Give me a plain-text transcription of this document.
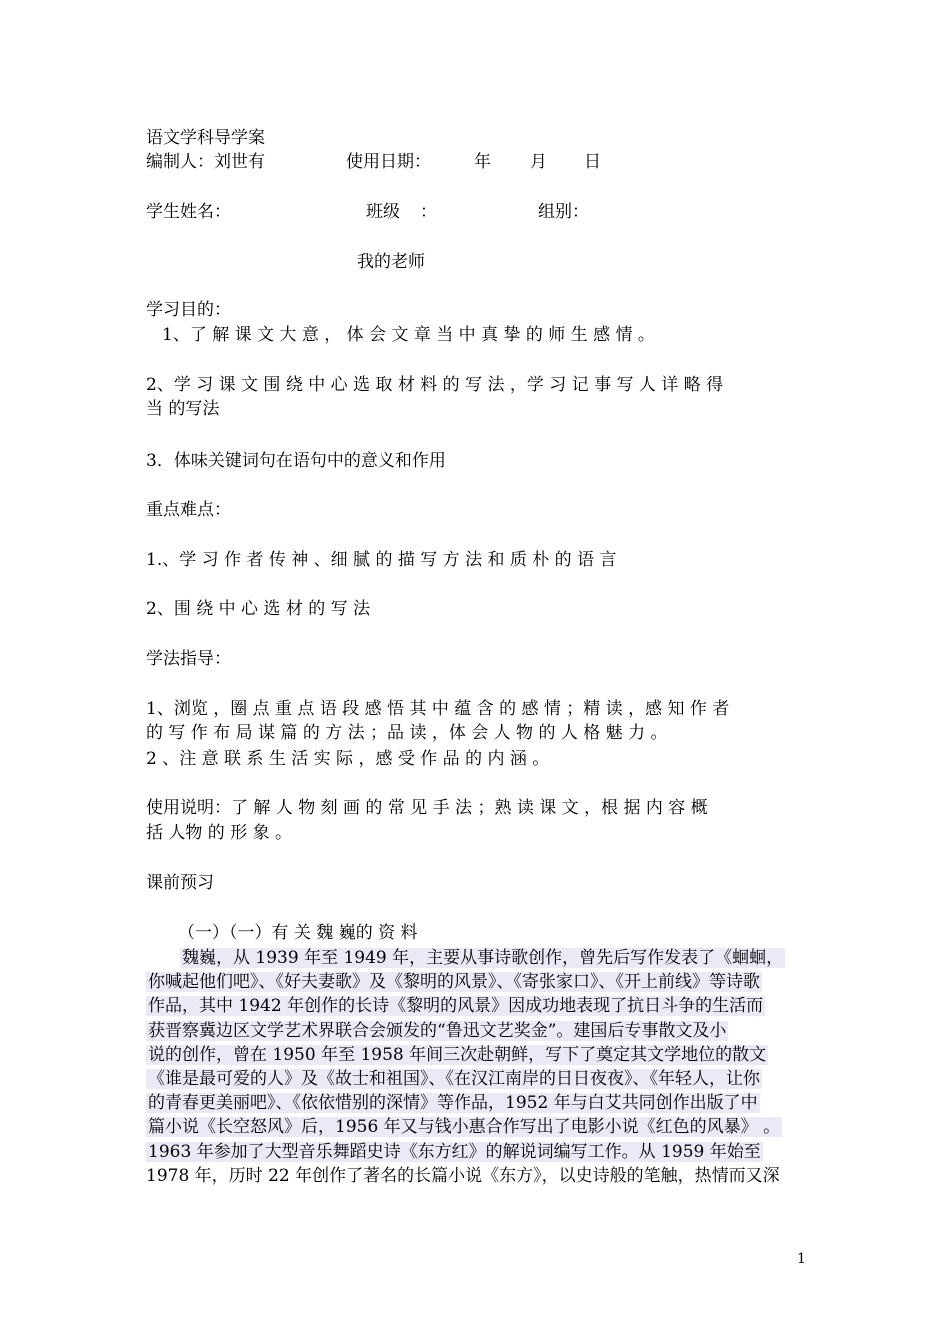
语文学科导学案
编制人：刘世有	使用日期：	年 月 日
学生姓名：	班级 ：	组别：
我的老师
学习目的：
1、了 解 课 文 大 意 ， 体 会 文 章 当 中 真 挚 的 师 生 感 情 。
2、学 习 课 文 围 绕 中 心 选 取 材 料 的 写 法 ，学 习 记 事 写 人 详 略 得
当 的写法
3．体味关键词句在语句中的意义和作用
重点难点：
1.、学 习 作 者 传 神 、细 腻 的 描 写 方 法 和 质 朴 的 语 言
2、围 绕 中 心 选 材 的 写 法
学法指导：
1、浏览 ，圈 点 重 点 语 段 感 悟 其 中 蕴 含 的 感 情 ；精 读 ，感 知 作 者
的 写 作 布 局 谋 篇 的 方 法 ；品 读 ，体 会 人 物 的 人 格 魅 力 。
2 、注 意 联 系 生 活 实 际 ，感 受 作 品 的 内 涵 。
使用说明：了 解 人 物 刻 画 的 常 见 手 法 ；熟 读 课 文 ，根 据 内 容 概
括 人物 的 形 象 。
课前预习
（一）（一）有 关 魏 巍的 资 料

魏巍，从 1939 年至 1949 年，主要从事诗歌创作，曾先后写作发表了《蛔蛔，

你喊起他们吧》、《好夫妻歌》及《黎明的风景》、《寄张家口》、《开上前线》等诗歌

作品，其中 1942 年创作的长诗《黎明的风景》因成功地表现了抗日斗争的生活而

获晋察冀边区文学艺术界联合会颁发的“鲁迅文艺奖金”。建国后专事散文及小

说的创作，曾在 1950 年至 1958 年间三次赴朝鲜，写下了奠定其文学地位的散文

《谁是最可爱的人》及《故士和祖国》、《在汉江南岸的日日夜夜》、《年轻人，让你

的青春更美丽吧》、《依依惜别的深情》等作品，1952 年与白艾共同创作出版了中

篇小说《长空怒风》后，1956 年又与钱小惠合作写出了电影小说《红色的风暴》 。

1963 年参加了大型音乐舞蹈史诗《东方红》的解说词编写工作。从 1959 年始至

1978 年，历时 22 年创作了著名的长篇小说《东方》，以史诗般的笔触，热情而又深

1
